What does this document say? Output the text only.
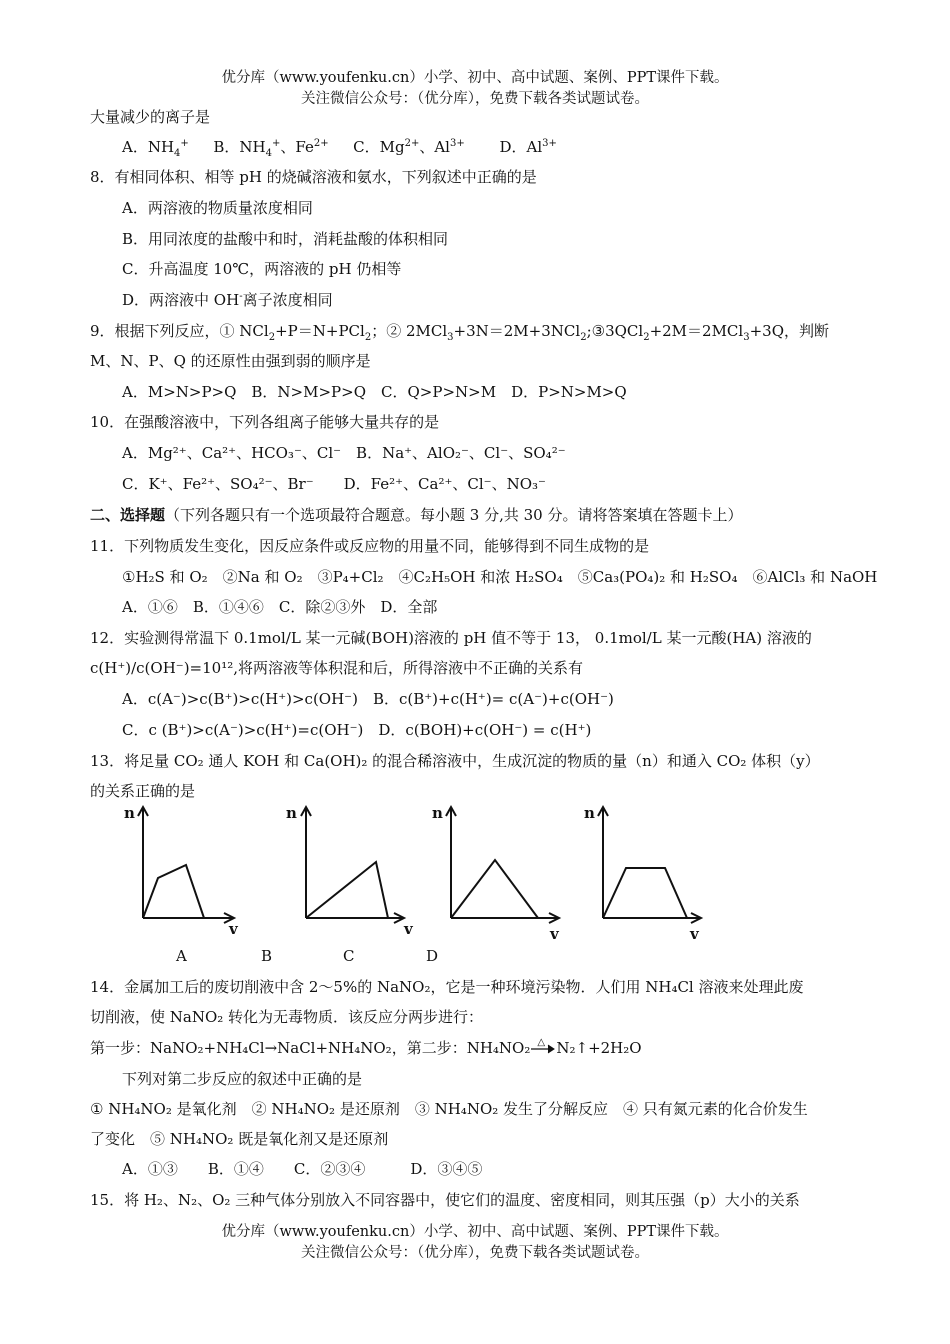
优分库（www.youfenku.cn）小学、初中、高中试题、案例、PPT课件下载。
关注微信公众号：（优分库），免费下载各类试题试卷。
大量减少的离子是
A．$NH_4^+$　 B．$NH_4^+$、$Fe^{2+}$　 C．$Mg^{2+}$、$Al^{3+}$　　 D．$Al^{3+}$
8．有相同体积、相等 pH 的烧碱溶液和氨水，下列叙述中正确的是
A．两溶液的物质量浓度相同
B．用同浓度的盐酸中和时，消耗盐酸的体积相同
C．升高温度 10℃，两溶液的 pH 仍相等
D．两溶液中 OH-离子浓度相同
9．根据下列反应，① NCl$_2$+P＝N+PCl$_2$；② 2MCl$_3$+3N＝2M+3NCl$_2$;③3QCl$_2$+2M＝2MCl$_3$+3Q，判断
M、N、P、Q 的还原性由强到弱的顺序是
A．M>N>P>Q　B．N>M>P>Q　C．Q>P>N>M　D．P>N>M>Q
10．在强酸溶液中，下列各组离子能够大量共存的是
A．Mg²⁺、Ca²⁺、HCO₃⁻、Cl⁻　B．Na⁺、AlO₂⁻、Cl⁻、SO₄²⁻
C．K⁺、Fe²⁺、SO₄²⁻、Br⁻　　D．Fe²⁺、Ca²⁺、Cl⁻、NO₃⁻
二、选择题（下列各题只有一个选项最符合题意。每小题 3 分,共 30 分。请将答案填在答题卡上）
11．下列物质发生变化，因反应条件或反应物的用量不同，能够得到不同生成物的是
①H₂S 和 O₂　②Na 和 O₂　③P₄+Cl₂　④C₂H₅OH 和浓 H₂SO₄　⑤Ca₃(PO₄)₂ 和 H₂SO₄　⑥AlCl₃ 和 NaOH
A．①⑥　B．①④⑥　C．除②③外　D．全部
12．实验测得常温下 0.1mol/L 某一元碱(BOH)溶液的 pH 值不等于 13， 0.1mol/L 某一元酸(HA) 溶液的
c(H⁺)/c(OH⁻)=10¹²,将两溶液等体积混和后，所得溶液中不正确的关系有
A．c(A⁻)>c(B⁺)>c(H⁺)>c(OH⁻)　B．c(B⁺)+c(H⁺)= c(A⁻)+c(OH⁻)
C．c (B⁺)>c(A⁻)>c(H⁺)=c(OH⁻)　D．c(BOH)+c(OH⁻) = c(H⁺)
13．将足量 CO₂ 通人 KOH 和 Ca(OH)₂ 的混合稀溶液中，生成沉淀的物质的量（n）和通入 CO₂ 体积（y）
的关系正确的是
n
v
n
v
n
v
n
v
A	B	C	D
14．金属加工后的废切削液中含 2～5%的 NaNO₂，它是一种环境污染物．人们用 NH₄Cl 溶液来处理此废
切削液，使 NaNO₂ 转化为无毒物质．该反应分两步进行：
第一步：NaNO₂+NH₄Cl→NaCl+NH₄NO₂，第二步：NH₄NO₂ △ N₂↑+2H₂O
下列对第二步反应的叙述中正确的是
① NH₄NO₂ 是氧化剂　② NH₄NO₂ 是还原剂　③ NH₄NO₂ 发生了分解反应　④ 只有氮元素的化合价发生
了变化　⑤ NH₄NO₂ 既是氧化剂又是还原剂
A．①③　　B．①④　　C．②③④　　　D．③④⑤
15．将 H₂、N₂、O₂ 三种气体分别放入不同容器中，使它们的温度、密度相同，则其压强（p）大小的关系
优分库（www.youfenku.cn）小学、初中、高中试题、案例、PPT课件下载。
关注微信公众号：（优分库），免费下载各类试题试卷。
